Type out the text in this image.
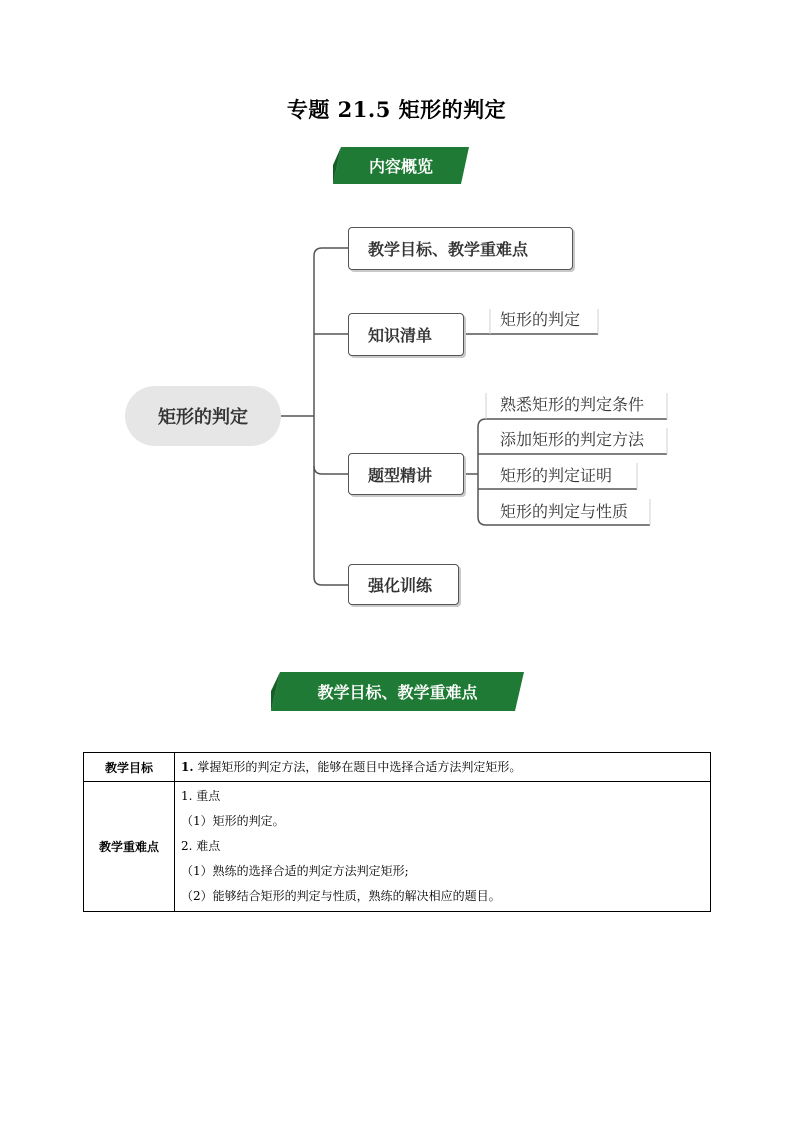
专题 21.5 矩形的判定
内容概览
矩形的判定
教学目标、教学重难点
知识清单
题型精讲
强化训练
矩形的判定
熟悉矩形的判定条件
添加矩形的判定方法
矩形的判定证明
矩形的判定与性质
教学目标、教学重难点
教学目标	1. 掌握矩形的判定方法，能够在题目中选择合适方法判定矩形。

教学重难点	1. 重点
（1）矩形的判定。
2. 难点
（1）熟练的选择合适的判定方法判定矩形;
（2）能够结合矩形的判定与性质，熟练的解决相应的题目。
